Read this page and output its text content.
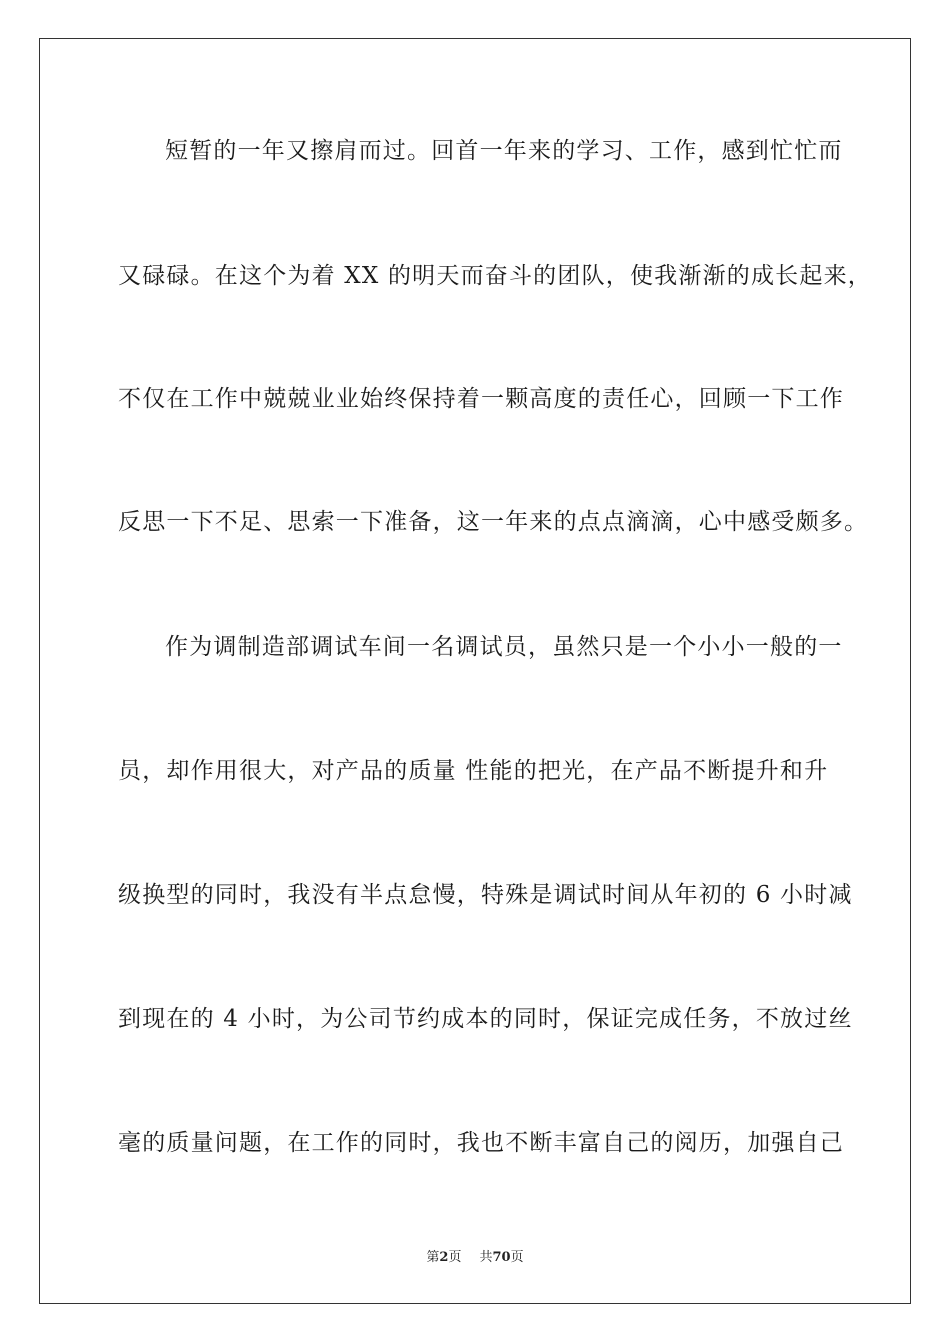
短暂的一年又擦肩而过。回首一年来的学习、工作，感到忙忙而
又碌碌。在这个为着 XX 的明天而奋斗的团队，使我渐渐的成长起来，
不仅在工作中兢兢业业始终保持着一颗高度的责任心，回顾一下工作
反思一下不足、思索一下准备，这一年来的点点滴滴，心中感受颇多。
作为调制造部调试车间一名调试员，虽然只是一个小小一般的一
员，却作用很大，对产品的质量 性能的把光，在产品不断提升和升
级换型的同时，我没有半点怠慢，特殊是调试时间从年初的 6 小时减
到现在的 4 小时，为公司节约成本的同时，保证完成任务，不放过丝
毫的质量问题，在工作的同时，我也不断丰富自己的阅历，加强自己
第2页 共70页
